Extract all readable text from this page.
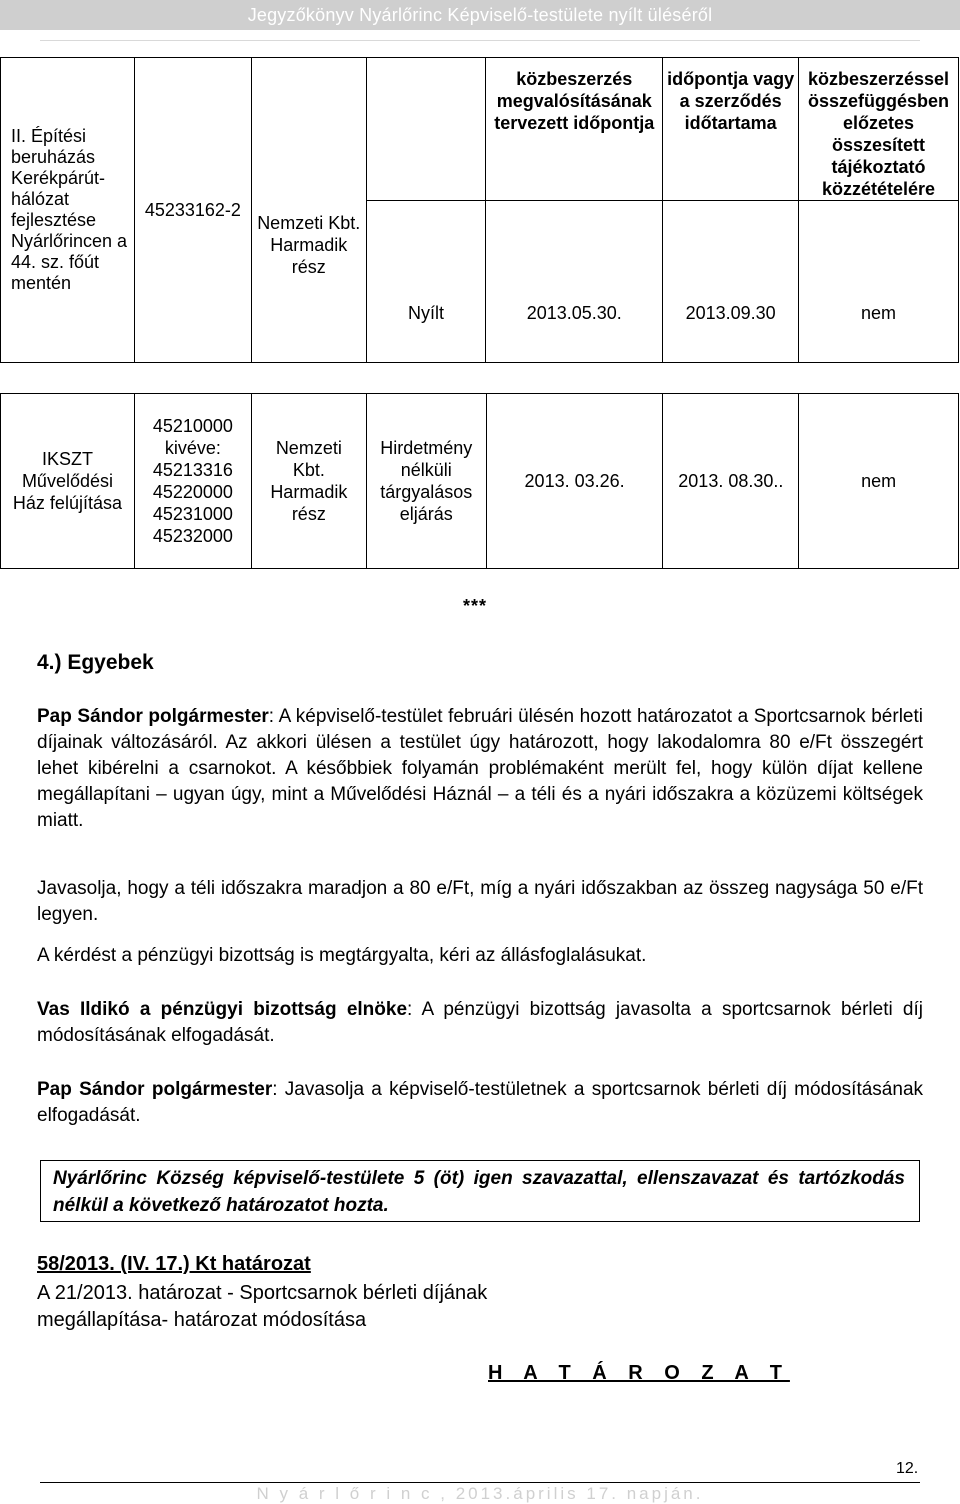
Jegyzőkönyv Nyárlőrinc Képviselő-testülete nyílt üléséről
II. Építési beruházás Kerékpárút-hálózat fejlesztése Nyárlőrincen a 44. sz. főút mentén	45233162-2	Nemzeti Kbt. Harmadik rész		közbeszerzés megvalósításának tervezett időpontja	időpontja vagy a szerződés időtartama	közbeszerzéssel összefüggésben előzetes összesített tájékoztató közzétételére
			Nyílt	2013.05.30.	2013.09.30	nem
IKSZT Művelődési Ház felújítása	45210000 kivéve: 45213316 45220000 45231000 45232000	Nemzeti Kbt. Harmadik rész	Hirdetmény nélküli tárgyalásos eljárás	2013. 03.26.	2013. 08.30..	nem
***
4.) Egyebek
Pap Sándor polgármester: A képviselő-testület februári ülésén hozott határozatot a Sportcsarnok bérleti díjainak változásáról. Az akkori ülésen a testület úgy határozott, hogy lakodalomra 80 e/Ft összegért lehet kibérelni a csarnokot. A későbbiek folyamán problémaként merült fel, hogy külön díjat kellene megállapítani – ugyan úgy, mint a Művelődési Háznál – a téli és a nyári időszakra a közüzemi költségek miatt.
Javasolja, hogy a téli időszakra maradjon a 80 e/Ft, míg a nyári időszakban az összeg nagysága 50 e/Ft legyen.
A kérdést a pénzügyi bizottság is megtárgyalta, kéri az állásfoglalásukat.
Vas Ildikó a pénzügyi bizottság elnöke: A pénzügyi bizottság javasolta a sportcsarnok bérleti díj módosításának elfogadását.
Pap Sándor polgármester: Javasolja a képviselő-testületnek a sportcsarnok bérleti díj módosításának elfogadását.
Nyárlőrinc Község képviselő-testülete 5 (öt) igen szavazattal, ellenszavazat és tartózkodás nélkül a következő határozatot hozta.
58/2013. (IV. 17.) Kt határozat
A 21/2013. határozat - Sportcsarnok bérleti díjának megállapítása- határozat módosítása
H A T Á R O Z A T
12.
N y á r l ő r i n c , 2013.április 17. napján.
